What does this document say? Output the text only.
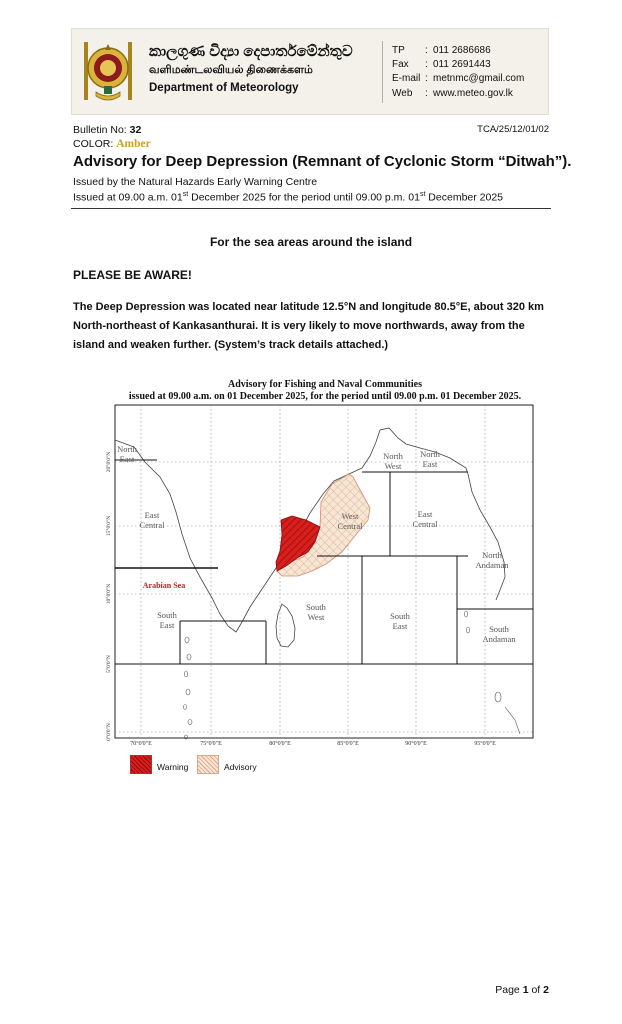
කාලගුණ විද්‍යා දෙපාර්තමේන්තුව
வளிமண்டலவியல் திணைக்களம்
Department of Meteorology
TP	: 011 2686686
Fax	: 011 2691443
E-mail : metnmc@gmail.com
Web	: www.meteo.gov.lk
Bulletin No: 32	TCA/25/12/01/02
COLOR: Amber
Advisory for Deep Depression (Remnant of Cyclonic Storm “Ditwah”).
Issued by the Natural Hazards Early Warning Centre
Issued at 09.00 a.m. 01st December 2025 for the period until 09.00 p.m. 01st December 2025
For the sea areas around the island
PLEASE BE AWARE!
The Deep Depression was located near latitude 12.5°N and longitude 80.5°E, about 320 km North-northeast of Kankasanthurai. It is very likely to move northwards, away from the island and weaken further. (System’s track details attached.)
Advisory for Fishing and Naval Communities
issued at 09.00 a.m. on 01 December 2025, for the period until 09.00 p.m. 01 December 2025.
North East
East Central
South East
West Central
North West
North East
East Central
North Andaman
South West	South East	South Andaman
Arabian Sea
20°0'0"N
15°0'0"N
10°0'0"N
5°0'0"N
0°0'0"N
70°0'0"E	75°0'0"E	80°0'0"E	85°0'0"E	90°0'0"E	95°0'0"E
Warning	Advisory
Page 1 of 2
